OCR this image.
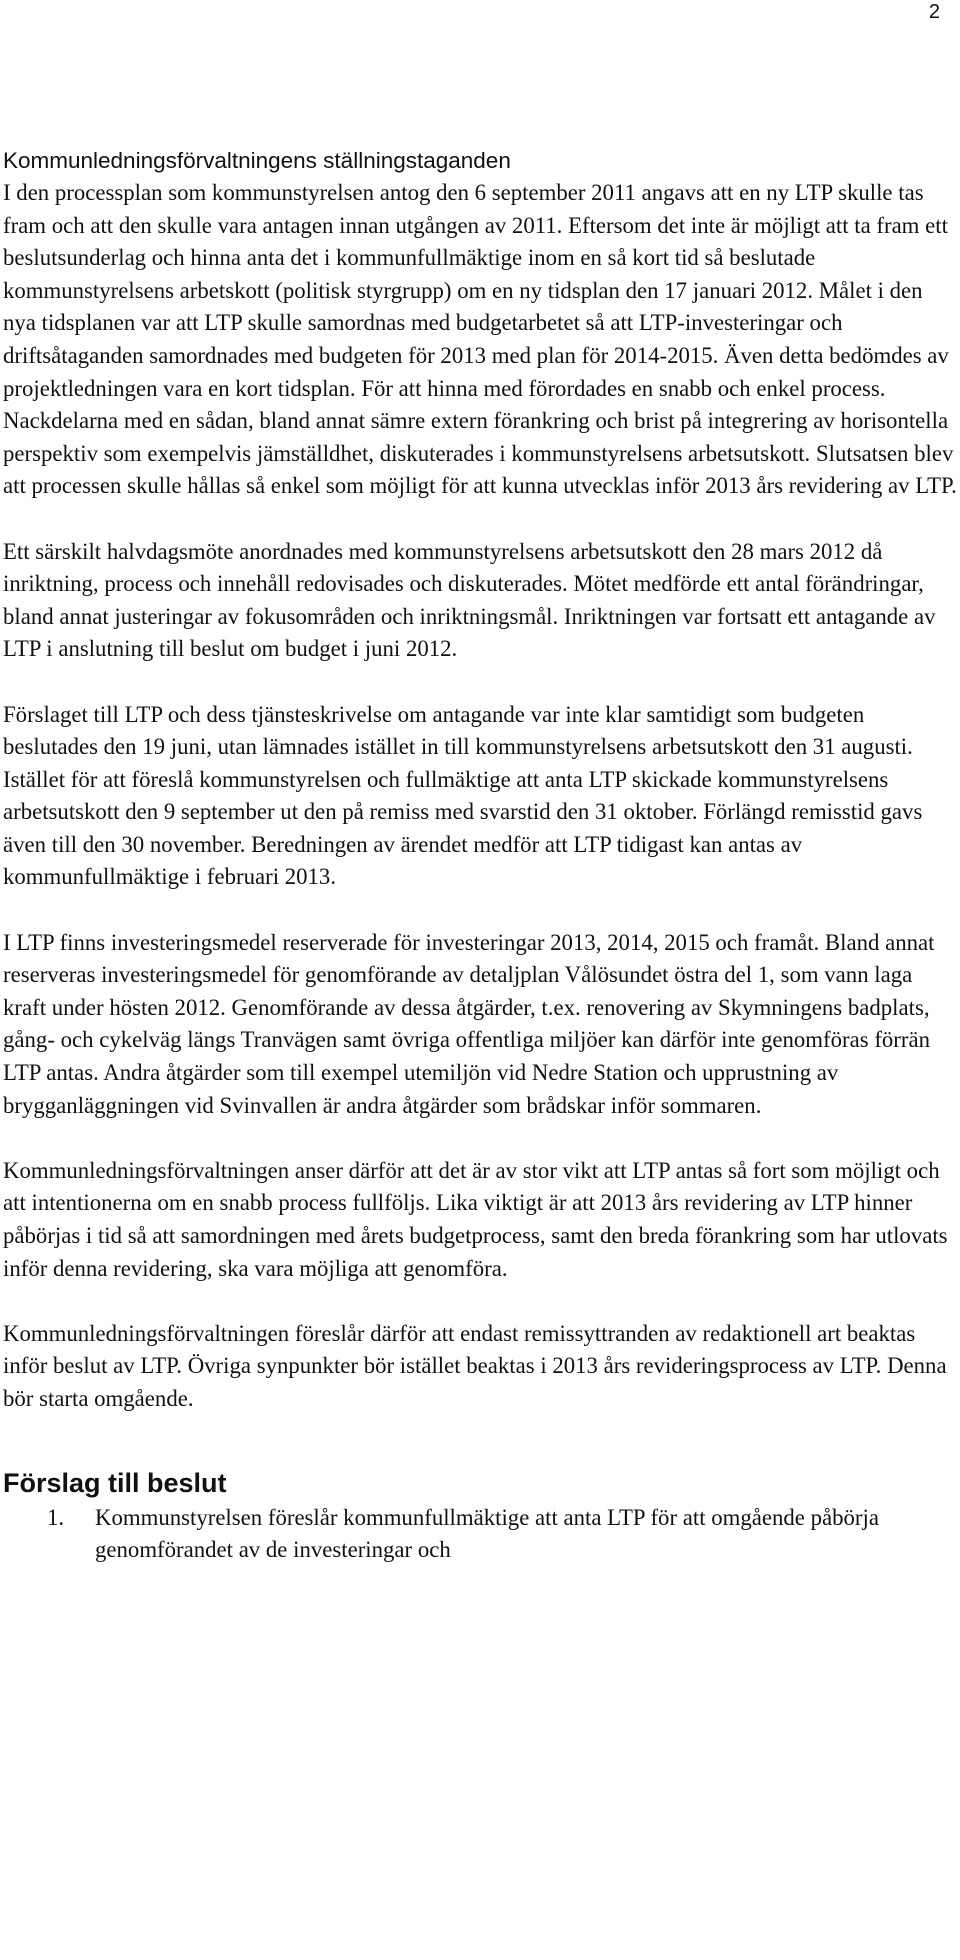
2
Kommunledningsförvaltningens ställningstaganden

I den processplan som kommunstyrelsen antog den 6 september 2011 angavs att en ny LTP skulle tas fram och att den skulle vara antagen innan utgången av 2011. Eftersom det inte är möjligt att ta fram ett beslutsunderlag och hinna anta det i kommunfullmäktige inom en så kort tid så beslutade kommunstyrelsens arbetskott (politisk styrgrupp) om en ny tidsplan den 17 januari 2012. Målet i den nya tidsplanen var att LTP skulle samordnas med budgetarbetet så att LTP-investeringar och driftsåtaganden samordnades med budgeten för 2013 med plan för 2014-2015. Även detta bedömdes av projektledningen vara en kort tidsplan. För att hinna med förordades en snabb och enkel process. Nackdelarna med en sådan, bland annat sämre extern förankring och brist på integrering av horisontella perspektiv som exempelvis jämställdhet, diskuterades i kommunstyrelsens arbetsutskott. Slutsatsen blev att processen skulle hållas så enkel som möjligt för att kunna utvecklas inför 2013 års revidering av LTP.

Ett särskilt halvdagsmöte anordnades med kommunstyrelsens arbetsutskott den 28 mars 2012 då inriktning, process och innehåll redovisades och diskuterades. Mötet medförde ett antal förändringar, bland annat justeringar av fokusområden och inriktningsmål. Inriktningen var fortsatt ett antagande av LTP i anslutning till beslut om budget i juni 2012.

Förslaget till LTP och dess tjänsteskrivelse om antagande var inte klar samtidigt som budgeten beslutades den 19 juni, utan lämnades istället in till kommunstyrelsens arbetsutskott den 31 augusti. Istället för att föreslå kommunstyrelsen och fullmäktige att anta LTP skickade kommunstyrelsens arbetsutskott den 9 september ut den på remiss med svarstid den 31 oktober. Förlängd remisstid gavs även till den 30 november. Beredningen av ärendet medför att LTP tidigast kan antas av kommunfullmäktige i februari 2013.

I LTP finns investeringsmedel reserverade för investeringar 2013, 2014, 2015 och framåt. Bland annat reserveras investeringsmedel för genomförande av detaljplan Vålösundet östra del 1, som vann laga kraft under hösten 2012. Genomförande av dessa åtgärder, t.ex. renovering av Skymningens badplats, gång- och cykelväg längs Tranvägen samt övriga offentliga miljöer kan därför inte genomföras förrän LTP antas. Andra åtgärder som till exempel utemiljön vid Nedre Station och upprustning av brygganläggningen vid Svinvallen är andra åtgärder som brådskar inför sommaren.

Kommunledningsförvaltningen anser därför att det är av stor vikt att LTP antas så fort som möjligt och att intentionerna om en snabb process fullföljs. Lika viktigt är att 2013 års revidering av LTP hinner påbörjas i tid så att samordningen med årets budgetprocess, samt den breda förankring som har utlovats inför denna revidering, ska vara möjliga att genomföra.

Kommunledningsförvaltningen föreslår därför att endast remissyttranden av redaktionell art beaktas inför beslut av LTP. Övriga synpunkter bör istället beaktas i 2013 års revideringsprocess av LTP. Denna bör starta omgående.

Förslag till beslut
1. Kommunstyrelsen föreslår kommunfullmäktige att anta LTP för att omgående påbörja genomförandet av de investeringar och
